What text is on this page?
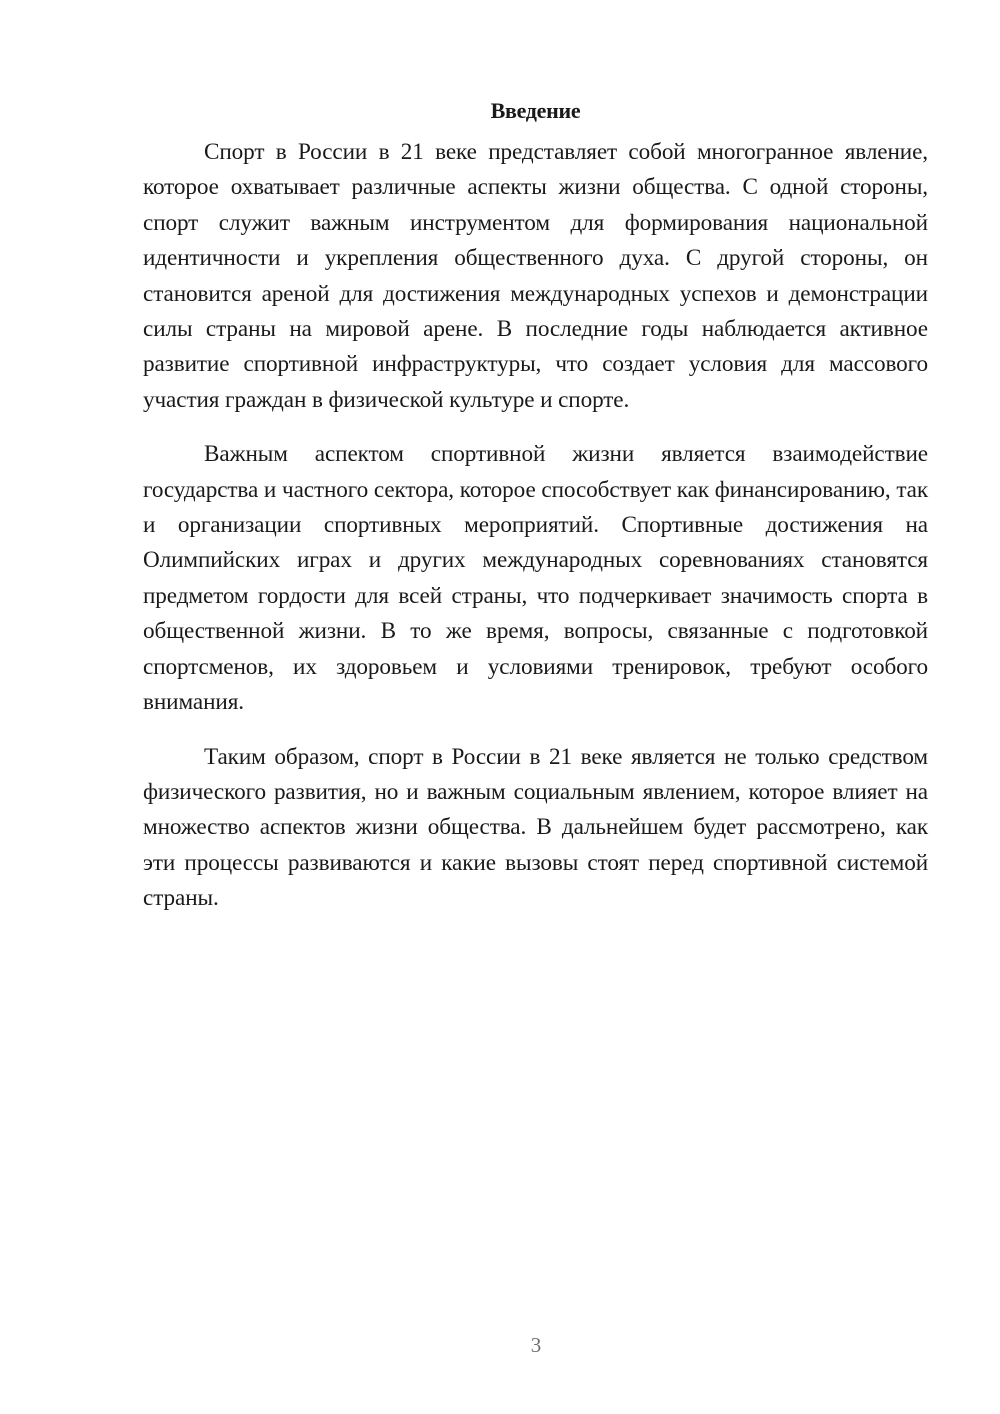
Введение

Спорт в России в 21 веке представляет собой многогранное явление, которое охватывает различные аспекты жизни общества. С одной стороны, спорт служит важным инструментом для формирования национальной идентичности и укрепления общественного духа. С другой стороны, он становится ареной для достижения международных успехов и демонстрации силы страны на мировой арене. В последние годы наблюдается активное развитие спортивной инфраструктуры, что создает условия для массового участия граждан в физической культуре и спорте.

Важным аспектом спортивной жизни является взаимодействие государства и частного сектора, которое способствует как финансированию, так и организации спортивных мероприятий. Спортивные достижения на Олимпийских играх и других международных соревнованиях становятся предметом гордости для всей страны, что подчеркивает значимость спорта в общественной жизни. В то же время, вопросы, связанные с подготовкой спортсменов, их здоровьем и условиями тренировок, требуют особого внимания.

Таким образом, спорт в России в 21 веке является не только средством физического развития, но и важным социальным явлением, которое влияет на множество аспектов жизни общества. В дальнейшем будет рассмотрено, как эти процессы развиваются и какие вызовы стоят перед спортивной системой страны.

3
